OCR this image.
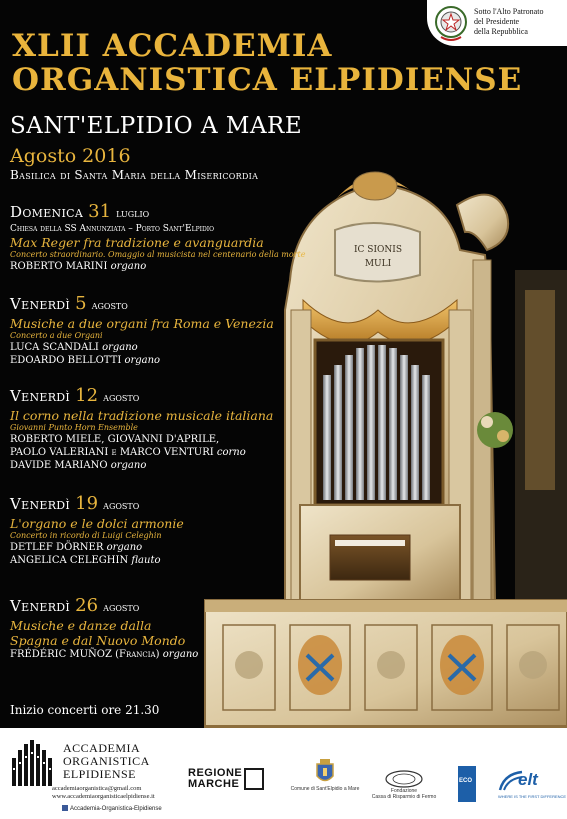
IC SIONIS
MULI
Sotto l'Alto Patronato
del Presidente
della Repubblica
XLII ACCADEMIA
ORGANISTICA ELPIDIENSE
SANT'ELPIDIO A MARE
Agosto 2016
Basilica di Santa Maria della Misericordia
Domenica 31 luglio
Chiesa della SS Annunziata – Porto Sant'Elpidio
Max Reger fra tradizione e avanguardia
Concerto straordinario. Omaggio al musicista nel centenario della morte
ROBERTO MARINI organo
Venerdì 5 agosto
Musiche a due organi fra Roma e Venezia
Concerto a due Organi
LUCA SCANDALI organo
EDOARDO BELLOTTI organo
Venerdì 12 agosto
Il corno nella tradizione musicale italiana
Giovanni Punto Horn Ensemble
ROBERTO MIELE, GIOVANNI D'APRILE,
PAOLO VALERIANI e MARCO VENTURI corno
DAVIDE MARIANO organo
Venerdì 19 agosto
L'organo e le dolci armonie
Concerto in ricordo di Luigi Celeghin
DETLEF DÖRNER organo
ANGELICA CELEGHIN flauto
Venerdì 26 agosto
Musiche e danze dalla
Spagna e dal Nuovo Mondo
FRÉDÉRIC MUÑOZ (Francia) organo
Inizio concerti ore 21.30
ACCADEMIA
ORGANISTICA
ELPIDIENSE
accademiaorganistica@gmail.com
www.accademiaorganisticaelpidiense.it
Accademia-Organistica-Elpidiense
REGIONE
MARCHE	Comune di Sant'Elpidio a Mare	Fondazione
Cassa di Risparmio di Fermo
ECO	elt
WHERE IS THE FIRST DIFFERENCE
